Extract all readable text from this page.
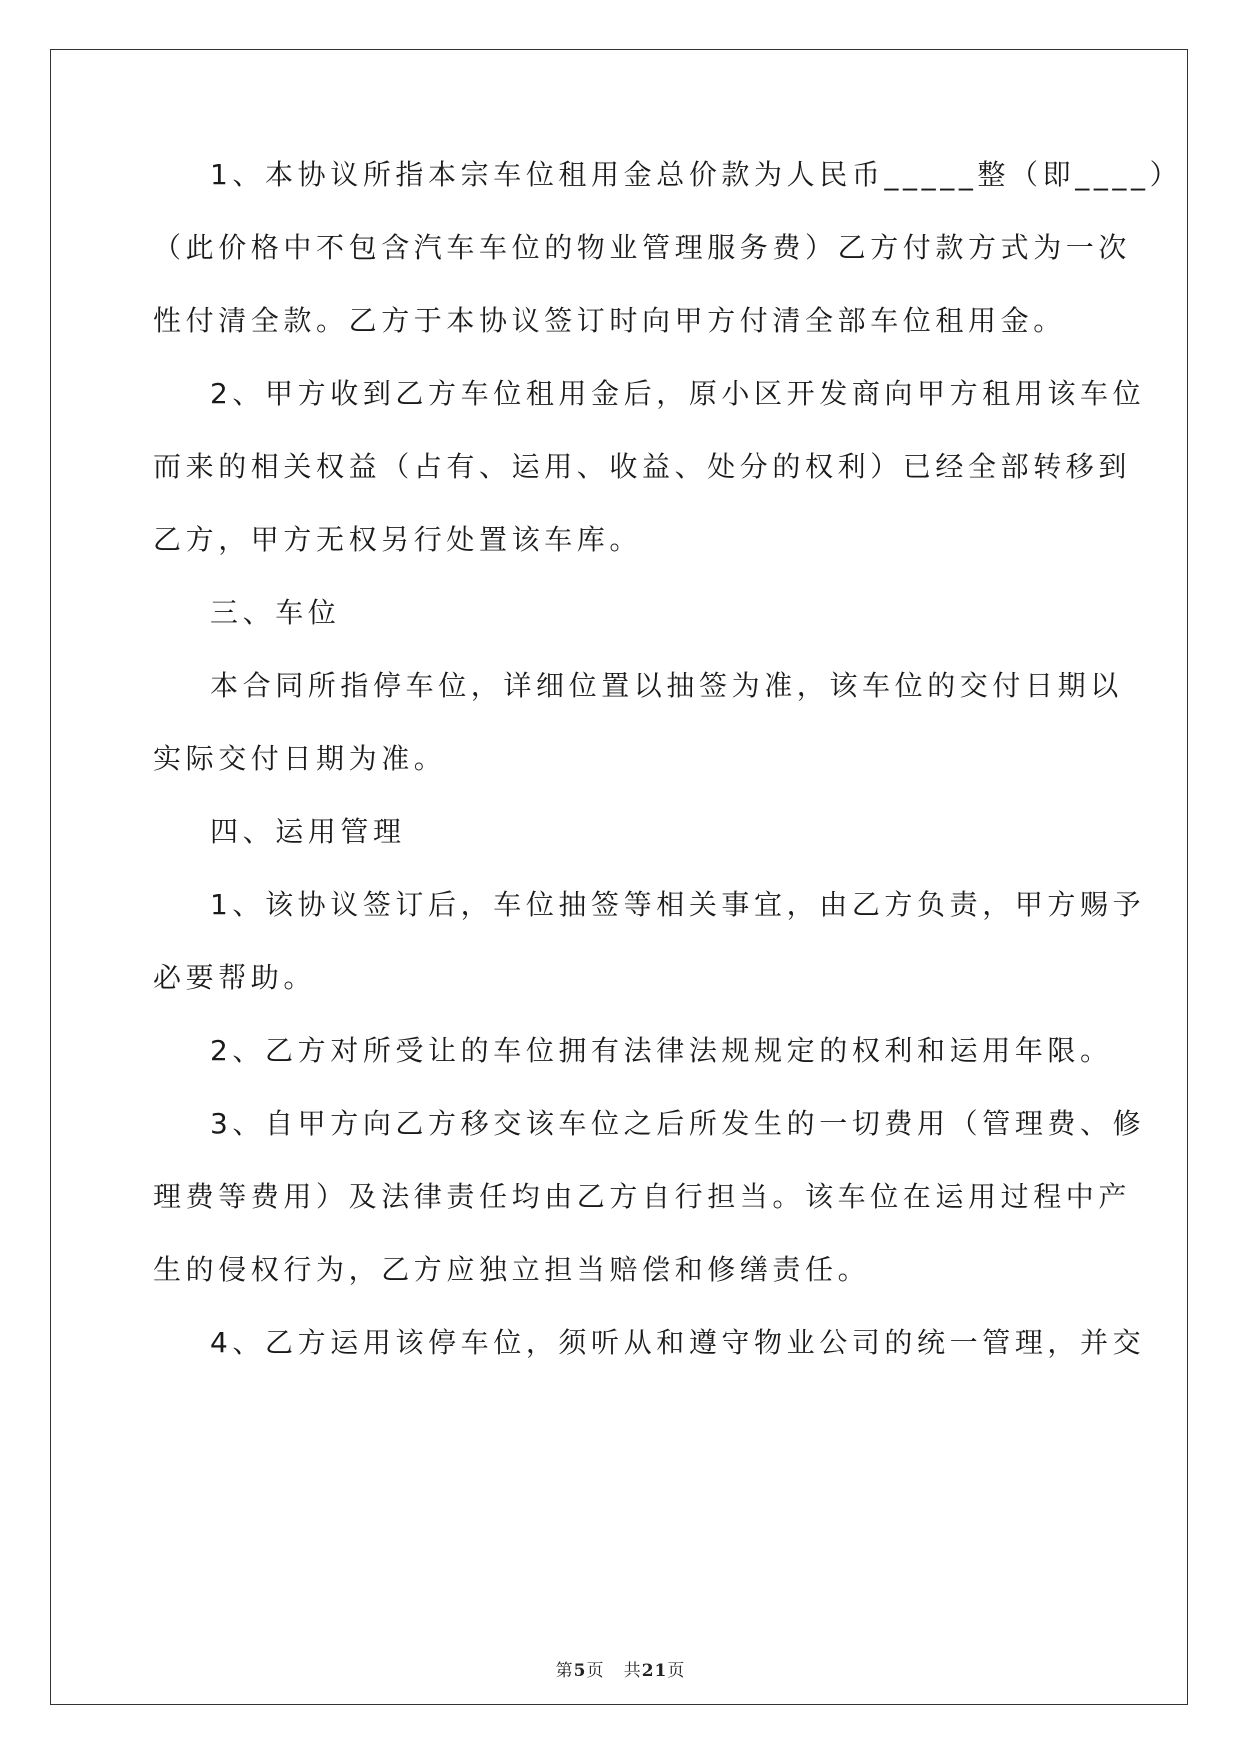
1、本协议所指本宗车位租用金总价款为人民币_____整（即____）
（此价格中不包含汽车车位的物业管理服务费）乙方付款方式为一次
性付清全款。乙方于本协议签订时向甲方付清全部车位租用金。
2、甲方收到乙方车位租用金后，原小区开发商向甲方租用该车位
而来的相关权益（占有、运用、收益、处分的权利）已经全部转移到
乙方，甲方无权另行处置该车库。
三、车位
本合同所指停车位，详细位置以抽签为准，该车位的交付日期以
实际交付日期为准。
四、运用管理
1、该协议签订后，车位抽签等相关事宜，由乙方负责，甲方赐予
必要帮助。
2、乙方对所受让的车位拥有法律法规规定的权利和运用年限。
3、自甲方向乙方移交该车位之后所发生的一切费用（管理费、修
理费等费用）及法律责任均由乙方自行担当。该车位在运用过程中产
生的侵权行为，乙方应独立担当赔偿和修缮责任。
4、乙方运用该停车位，须听从和遵守物业公司的统一管理，并交
第5页 共21页
